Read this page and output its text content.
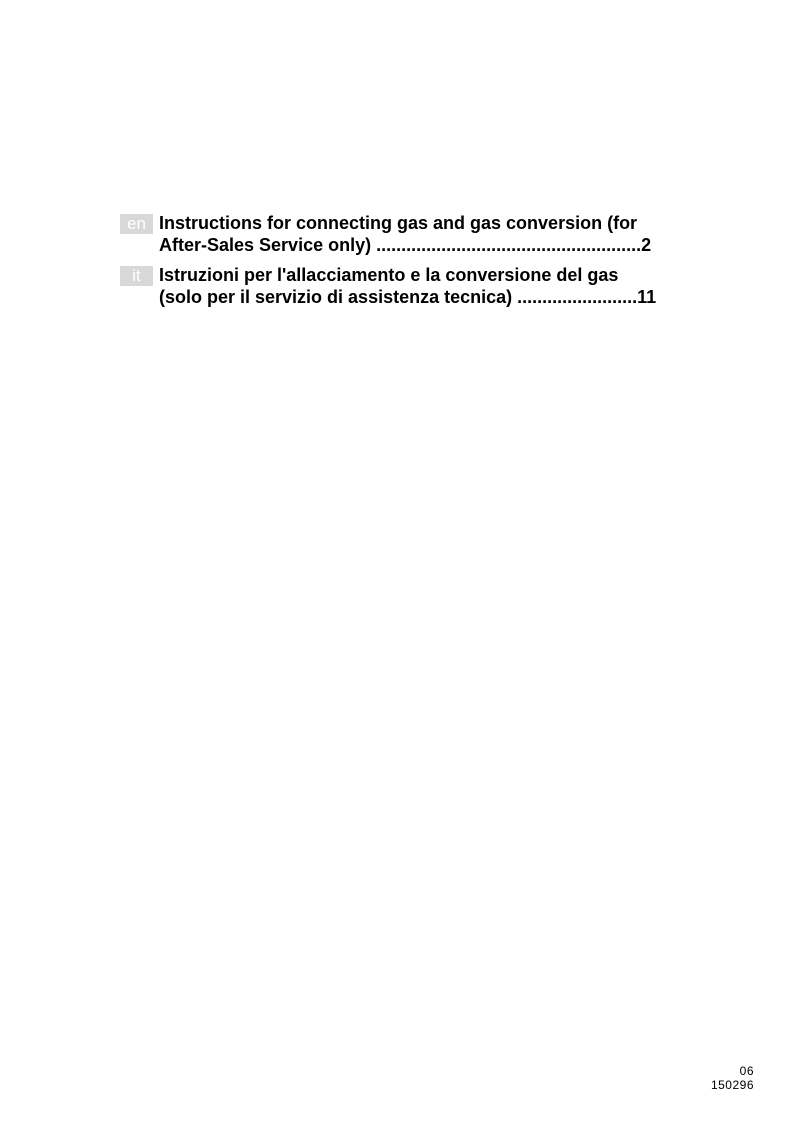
en Instructions for connecting gas and gas conversion (for
After-Sales Service only) .....................................................2
it	Istruzioni per l'allacciamento e la conversione del gas
(solo per il servizio di assistenza tecnica) ........................11
06
150296
